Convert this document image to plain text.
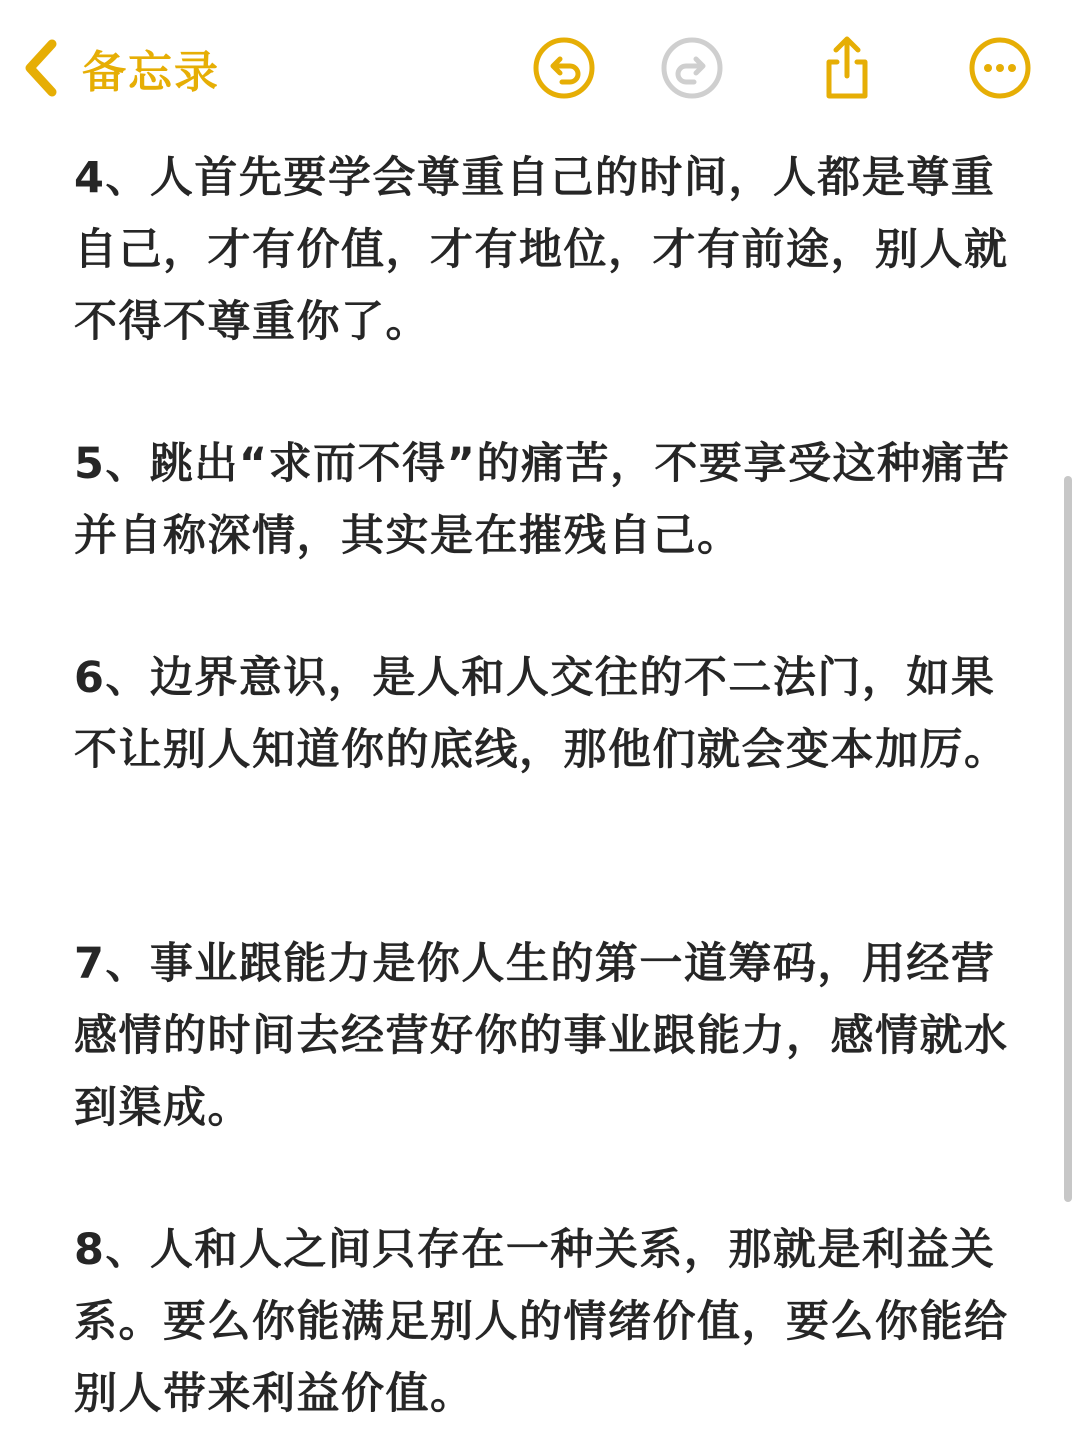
备忘录

4、人首先要学会尊重自己的时间，人都是尊重自己，才有价值，才有地位，才有前途，别人就不得不尊重你了。

5、跳出“求而不得”的痛苦，不要享受这种痛苦并自称深情，其实是在摧残自己。

6、边界意识，是人和人交往的不二法门，如果不让别人知道你的底线，那他们就会变本加厉。

7、事业跟能力是你人生的第一道筹码，用经营感情的时间去经营好你的事业跟能力，感情就水到渠成。

8、人和人之间只存在一种关系，那就是利益关系。要么你能满足别人的情绪价值，要么你能给别人带来利益价值。
